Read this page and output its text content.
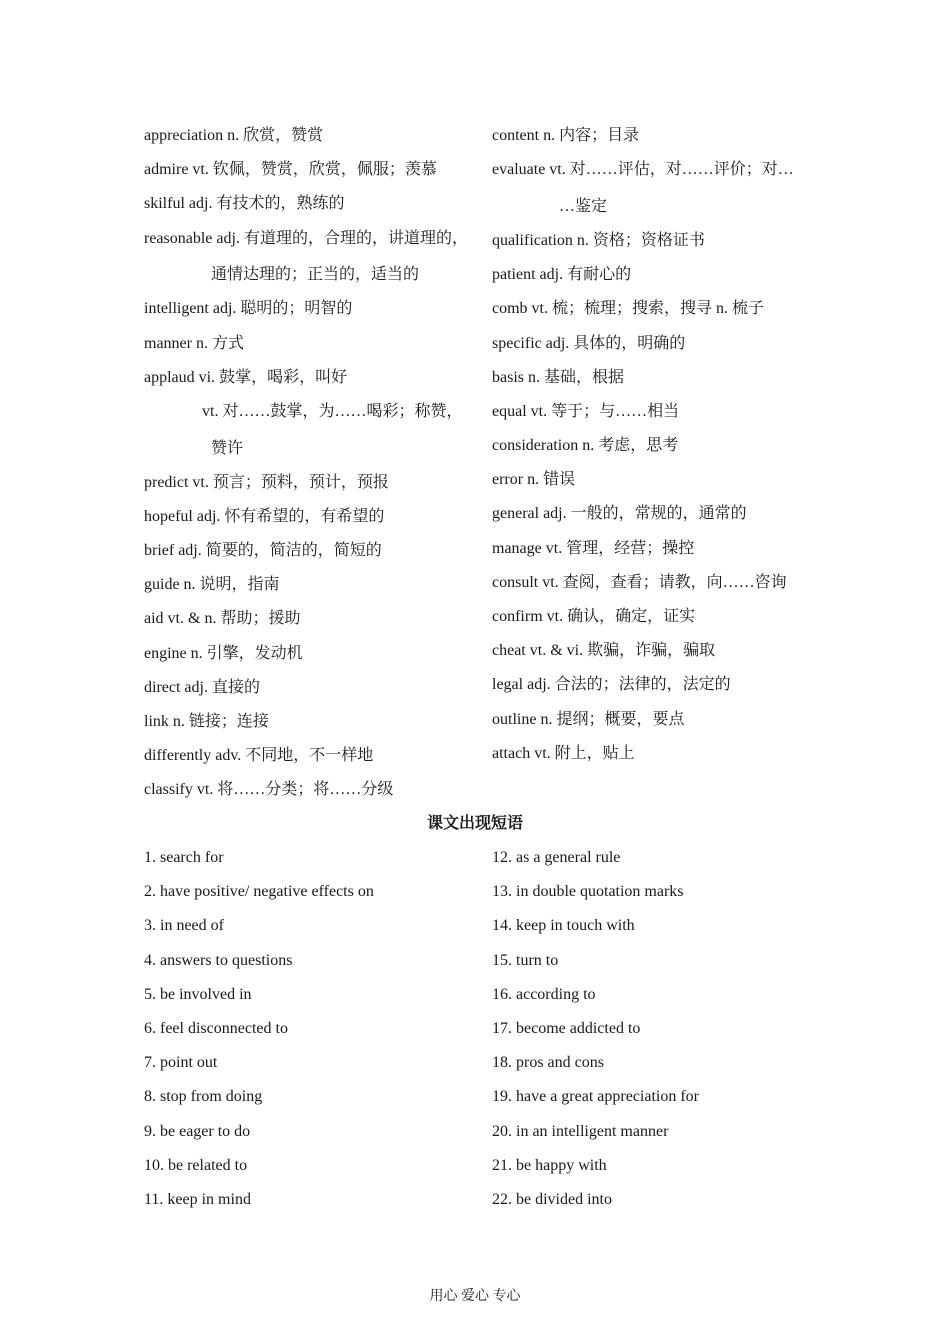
appreciation n. 欣赏，赞赏
admire vt. 钦佩，赞赏，欣赏，佩服；羡慕
skilful adj. 有技术的，熟练的
reasonable adj. 有道理的，合理的，讲道理的，
通情达理的；正当的，适当的
intelligent adj. 聪明的；明智的
manner n. 方式
applaud vi. 鼓掌，喝彩，叫好
vt. 对……鼓掌，为……喝彩；称赞，
赞许
predict vt. 预言；预料，预计，预报
hopeful adj. 怀有希望的，有希望的
brief adj. 简要的，简洁的，简短的
guide n. 说明，指南
aid vt. & n. 帮助；援助
engine n. 引擎，发动机
direct adj. 直接的
link n. 链接；连接
differently adv. 不同地，不一样地
classify vt. 将……分类；将……分级
content n. 内容；目录
evaluate vt. 对……评估，对……评价；对…
…鉴定
qualification n. 资格；资格证书
patient adj. 有耐心的
comb vt. 梳；梳理；搜索，搜寻 n. 梳子
specific adj. 具体的，明确的
basis n. 基础，根据
equal vt. 等于；与……相当
consideration n. 考虑，思考
error n. 错误
general adj. 一般的，常规的，通常的
manage vt. 管理，经营；操控
consult vt. 查阅，查看；请教，向……咨询
confirm vt. 确认，确定，证实
cheat vt. & vi. 欺骗，诈骗，骗取
legal adj. 合法的；法律的，法定的
outline n. 提纲；概要，要点
attach vt. 附上，贴上
课文出现短语
1. search for
2. have positive/ negative effects on
3. in need of
4. answers to questions
5. be involved in
6. feel disconnected to
7. point out
8. stop from doing
9. be eager to do
10. be related to
11. keep in mind
12. as a general rule
13. in double quotation marks
14. keep in touch with
15. turn to
16. according to
17. become addicted to
18. pros and cons
19. have a great appreciation for
20. in an intelligent manner
21. be happy with
22. be divided into
用心 爱心 专心
